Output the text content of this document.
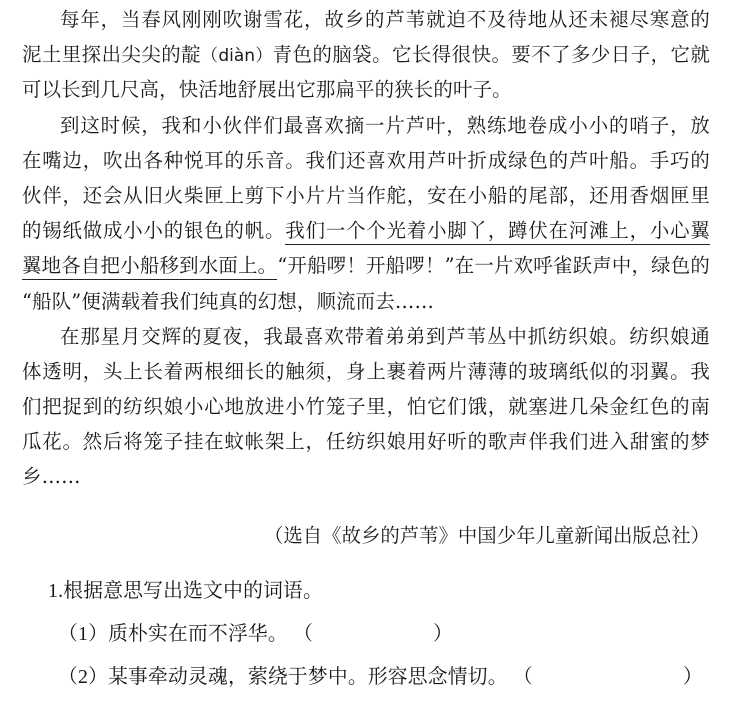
每年，当春风刚刚吹谢雪花，故乡的芦苇就迫不及待地从还未褪尽寒意的
泥土里探出尖尖的靛（diàn）青色的脑袋。它长得很快。要不了多少日子，它就
可以长到几尺高，快活地舒展出它那扁平的狭长的叶子。
到这时候，我和小伙伴们最喜欢摘一片芦叶，熟练地卷成小小的哨子，放
在嘴边，吹出各种悦耳的乐音。我们还喜欢用芦叶折成绿色的芦叶船。手巧的
伙伴，还会从旧火柴匣上剪下小片片当作舵，安在小船的尾部，还用香烟匣里
的锡纸做成小小的银色的帆。我们一个个光着小脚丫，蹲伏在河滩上，小心翼
翼地各自把小船移到水面上。“开船啰！开船啰！”在一片欢呼雀跃声中，绿色的
“船队”便满载着我们纯真的幻想，顺流而去……
在那星月交辉的夏夜，我最喜欢带着弟弟到芦苇丛中抓纺织娘。纺织娘通
体透明，头上长着两根细长的触须，身上裹着两片薄薄的玻璃纸似的羽翼。我
们把捉到的纺织娘小心地放进小竹笼子里，怕它们饿，就塞进几朵金红色的南
瓜花。然后将笼子挂在蚊帐架上，任纺织娘用好听的歌声伴我们进入甜蜜的梦
乡……
（选自《故乡的芦苇》中国少年儿童新闻出版总社）
1.根据意思写出选文中的词语。
（1）质朴实在而不浮华。 （	）
（2）某事牵动灵魂，萦绕于梦中。形容思念情切。 （	）
